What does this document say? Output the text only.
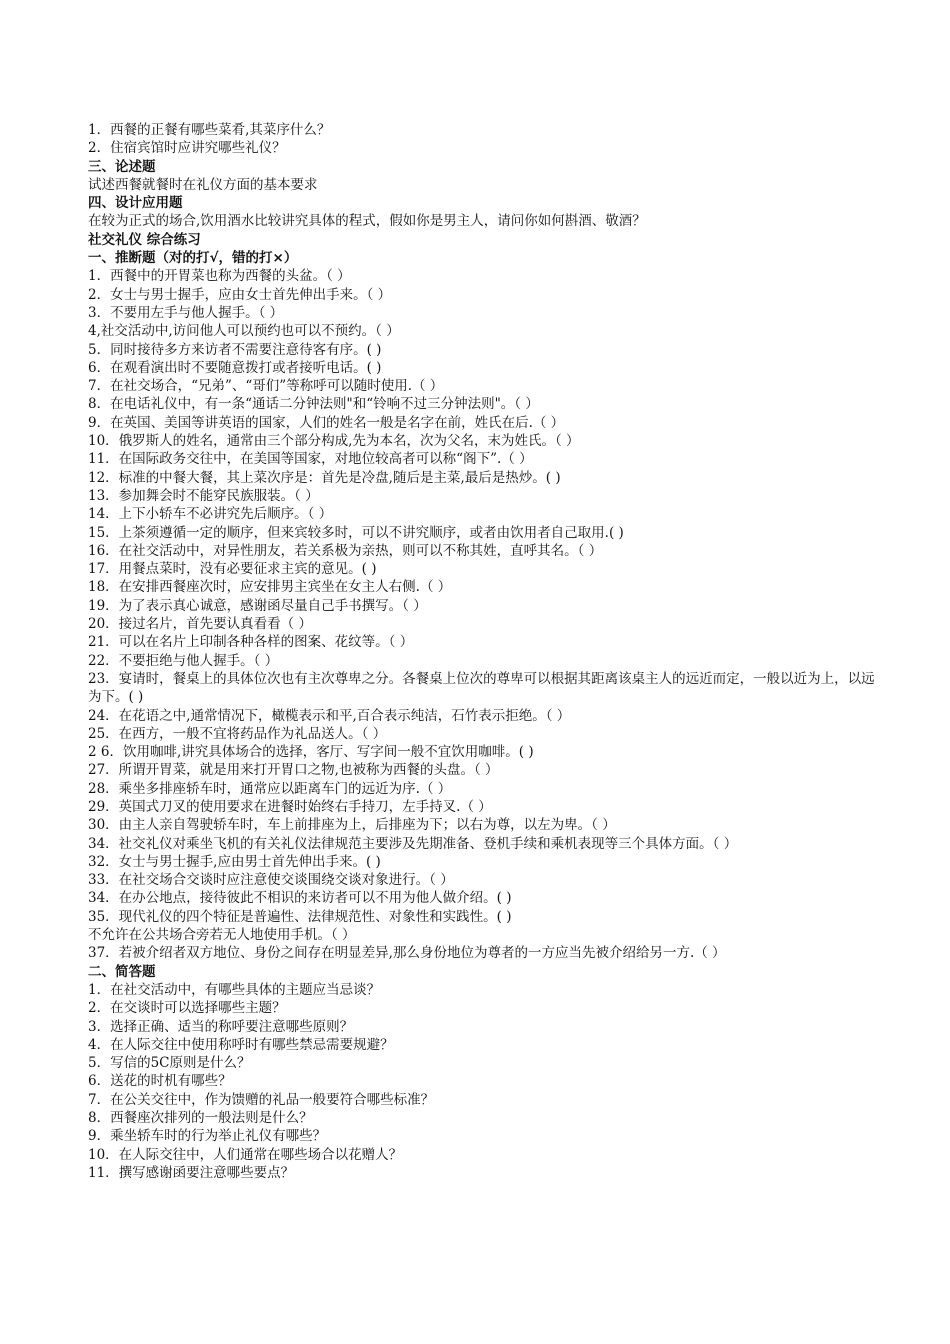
1．西餐的正餐有哪些菜肴,其菜序什么？
2．住宿宾馆时应讲究哪些礼仪？
三、论述题
试述西餐就餐时在礼仪方面的基本要求
四、设计应用题
在较为正式的场合,饮用酒水比较讲究具体的程式，假如你是男主人，请问你如何斟酒、敬酒？
社交礼仪 综合练习
一、推断题（对的打√，错的打×）
1．西餐中的开胃菜也称为西餐的头盆。（ ）
2．女士与男士握手，应由女士首先伸出手来。（ ）
3．不要用左手与他人握手。（ ）
4,社交活动中,访问他人可以预约也可以不预约。（ ）
5．同时接待多方来访者不需要注意待客有序。( )
6．在观看演出时不要随意拨打或者接听电话。( )
7．在社交场合，“兄弟”、“哥们”等称呼可以随时使用.（ ）
8．在电话礼仪中，有一条“通话二分钟法则"和“铃响不过三分钟法则"。（ ）
9．在英国、美国等讲英语的国家，人们的姓名一般是名字在前，姓氏在后.（ ）
10．俄罗斯人的姓名，通常由三个部分构成,先为本名，次为父名，末为姓氏。（ ）
11．在国际政务交往中，在美国等国家，对地位较高者可以称“阁下”.（ ）
12．标准的中餐大餐，其上菜次序是：首先是冷盘,随后是主菜,最后是热炒。( )
13．参加舞会时不能穿民族服装。（ ）
14．上下小轿车不必讲究先后顺序。（ ）
15．上茶须遵循一定的顺序，但来宾较多时，可以不讲究顺序，或者由饮用者自己取用.( )
16．在社交活动中，对异性朋友，若关系极为亲热，则可以不称其姓，直呼其名。（ ）
17．用餐点菜时，没有必要征求主宾的意见。( )
18．在安排西餐座次时，应安排男主宾坐在女主人右侧.（ ）
19．为了表示真心诚意，感谢函尽量自己手书撰写。（ ）
20．接过名片，首先要认真看看（ ）
21．可以在名片上印制各种各样的图案、花纹等。（ ）
22．不要拒绝与他人握手。（ ）
23．宴请时，餐桌上的具体位次也有主次尊卑之分。各餐桌上位次的尊卑可以根据其距离该桌主人的远近而定，一般以近为上，以远为下。( )
24．在花语之中,通常情况下，橄榄表示和平,百合表示纯洁，石竹表示拒绝。（ ）
25．在西方，一般不宜将药品作为礼品送人。（ ）
2 6．饮用咖啡,讲究具体场合的选择，客厅、写字间一般不宜饮用咖啡。( )
27．所谓开胃菜，就是用来打开胃口之物,也被称为西餐的头盘。（ ）
28．乘坐多排座轿车时，通常应以距离车门的远近为序.（ ）
29．英国式刀叉的使用要求在进餐时始终右手持刀，左手持叉.（ ）
30．由主人亲自驾驶轿车时，车上前排座为上，后排座为下；以右为尊，以左为卑。（ ）
34．社交礼仪对乘坐飞机的有关礼仪法律规范主要涉及先期准备、登机手续和乘机表现等三个具体方面。（ ）
32．女士与男士握手,应由男士首先伸出手来。( )
33．在社交场合交谈时应注意使交谈围绕交谈对象进行。（ ）
34．在办公地点，接待彼此不相识的来访者可以不用为他人做介绍。( )
35．现代礼仪的四个特征是普遍性、法律规范性、对象性和实践性。( )
不允许在公共场合旁若无人地使用手机。（ ）
37．若被介绍者双方地位、身份之间存在明显差异,那么身份地位为尊者的一方应当先被介绍给另一方.（ ）
二、简答题
1．在社交活动中，有哪些具体的主题应当忌谈？
2．在交谈时可以选择哪些主题？
3．选择正确、适当的称呼要注意哪些原则？
4．在人际交往中使用称呼时有哪些禁忌需要规避？
5．写信的5C原则是什么？
6．送花的时机有哪些？
7．在公关交往中，作为馈赠的礼品一般要符合哪些标准？
8．西餐座次排列的一般法则是什么？
9．乘坐轿车时的行为举止礼仪有哪些？
10．在人际交往中，人们通常在哪些场合以花赠人？
11．撰写感谢函要注意哪些要点？
